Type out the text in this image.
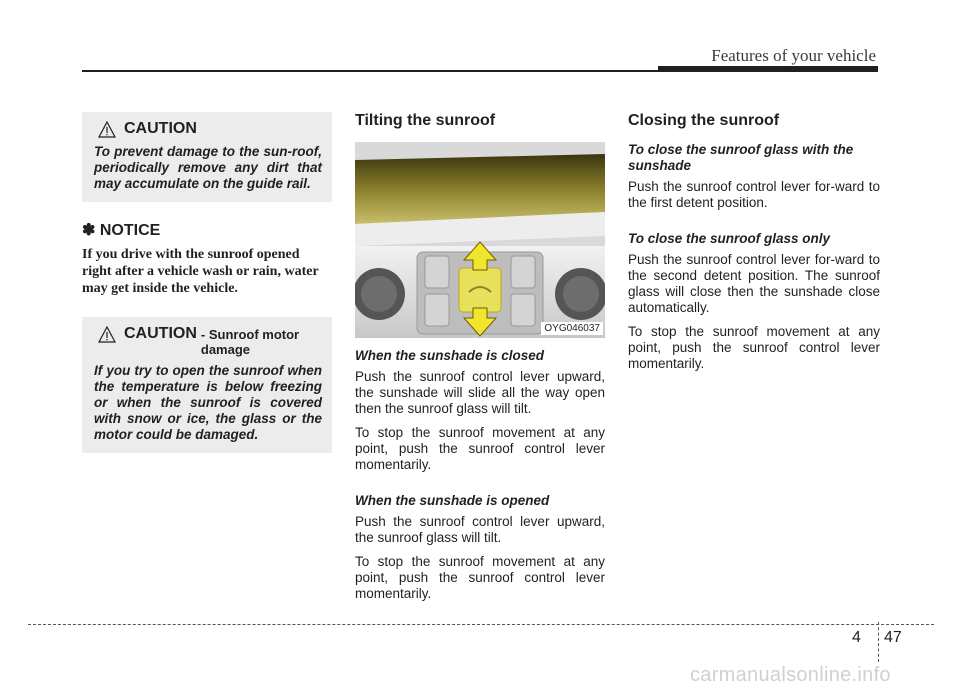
Features of your vehicle
CAUTION
To prevent damage to the sun-roof, periodically remove any dirt that may accumulate on the guide rail.
✽ NOTICE
If you drive with the sunroof opened right after a vehicle wash or rain, water may get inside the vehicle.
CAUTION - Sunroof motor damage
If you try to open the sunroof when the temperature is below freezing or when the sunroof is covered with snow or ice, the glass or the motor could be damaged.
Tilting the sunroof
OYG046037
When the sunshade is closed

Push the sunroof control lever upward, the sunshade will slide all the way open then the sunroof glass will tilt.

To stop the sunroof movement at any point, push the sunroof control lever momentarily.

When the sunshade is opened

Push the sunroof control lever upward, the sunroof glass will tilt.

To stop the sunroof movement at any point, push the sunroof control lever momentarily.

Closing the sunroof
To close the sunroof glass with the sunshade

Push the sunroof control lever for-ward to the first detent position.

To close the sunroof glass only

Push the sunroof control lever for-ward to the second detent position. The sunroof glass will close then the sunshade close automatically.

To stop the sunroof movement at any point, push the sunroof control lever momentarily.

4 47
carmanualsonline.info
